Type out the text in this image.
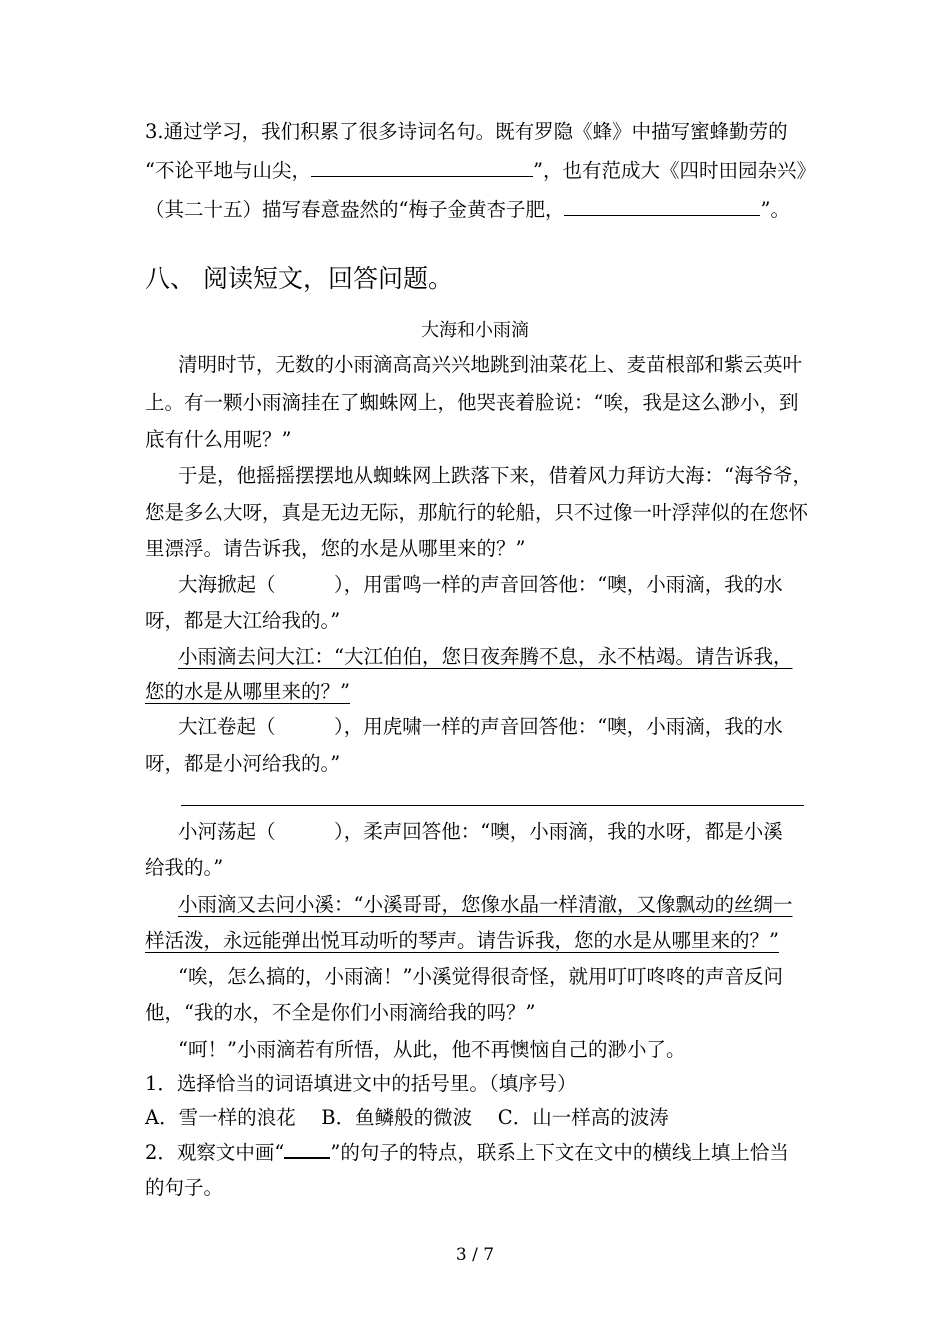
3.通过学习，我们积累了很多诗词名句。既有罗隐《蜂》中描写蜜蜂勤劳的
“不论平地与山尖，	”，也有范成大《四时田园杂兴》
（其二十五）描写春意盎然的“梅子金黄杏子肥，	”。
八、 阅读短文，回答问题。
大海和小雨滴
清明时节，无数的小雨滴高高兴兴地跳到油菜花上、麦苗根部和紫云英叶
上。有一颗小雨滴挂在了蜘蛛网上，他哭丧着脸说：“唉，我是这么渺小，到
底有什么用呢？”
于是，他摇摇摆摆地从蜘蛛网上跌落下来，借着风力拜访大海：“海爷爷，
您是多么大呀，真是无边无际，那航行的轮船，只不过像一叶浮萍似的在您怀
里漂浮。请告诉我，您的水是从哪里来的？”
大海掀起（　　　），用雷鸣一样的声音回答他：“噢，小雨滴，我的水
呀，都是大江给我的。”
小雨滴去问大江：“大江伯伯，您日夜奔腾不息，永不枯竭。请告诉我，
您的水是从哪里来的？”
大江卷起（　　　），用虎啸一样的声音回答他：“噢，小雨滴，我的水
呀，都是小河给我的。”
小河荡起（　　　），柔声回答他：“噢，小雨滴，我的水呀，都是小溪
给我的。”
小雨滴又去问小溪：“小溪哥哥，您像水晶一样清澈，又像飘动的丝绸一
样活泼，永远能弹出悦耳动听的琴声。请告诉我，您的水是从哪里来的？”
“唉，怎么搞的，小雨滴！”小溪觉得很奇怪，就用叮叮咚咚的声音反问
他，“我的水，不全是你们小雨滴给我的吗？”
“呵！”小雨滴若有所悟，从此，他不再懊恼自己的渺小了。
1．选择恰当的词语填进文中的括号里。（填序号）
A．雪一样的浪花　 B．鱼鳞般的微波　 C．山一样高的波涛
2．观察文中画“ ”的句子的特点，联系上下文在文中的横线上填上恰当
的句子。
3 / 7
